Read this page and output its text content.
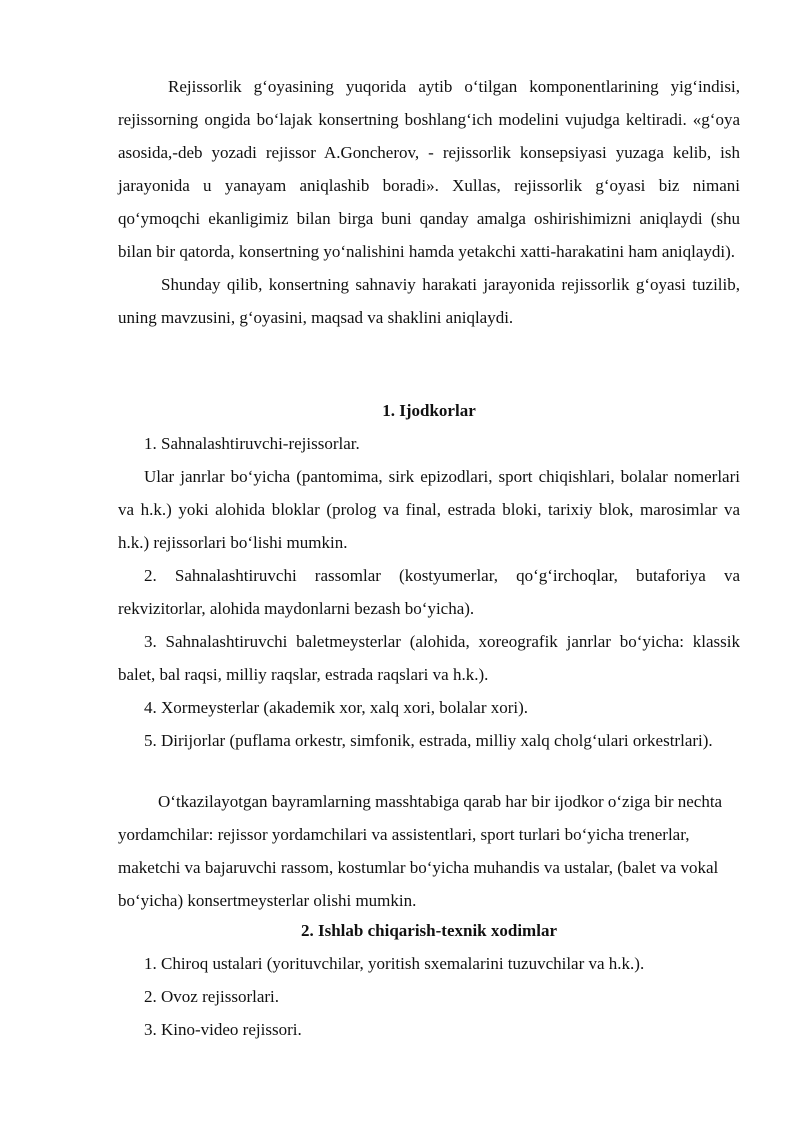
Rejissorlik g‘oyasining yuqorida aytib o‘tilgan komponentlarining yig‘indisi, rejissorning ongida bo‘lajak konsertning boshlang‘ich modelini vujudga keltiradi. «g‘oya asosida,-deb yozadi rejissor A.Goncherov, - rejissorlik konsepsiyasi yuzaga kelib, ish jarayonida u yanayam aniqlashib boradi». Xullas, rejissorlik g‘oyasi biz nimani qo‘ymoqchi ekanligimiz bilan birga buni qanday amalga oshirishimizni aniqlaydi (shu bilan bir qatorda, konsertning yo‘nalishini hamda yetakchi xatti-harakatini ham aniqlaydi).

Shunday qilib, konsertning sahnaviy harakati jarayonida rejissorlik g‘oyasi tuzilib, uning mavzusini, g‘oyasini, maqsad va shaklini aniqlaydi.

1. Ijodkorlar

1. Sahnalashtiruvchi-rejissorlar.

Ular janrlar bo‘yicha (pantomima, sirk epizodlari, sport chiqishlari, bolalar nomerlari va h.k.) yoki alohida bloklar (prolog va final, estrada bloki, tarixiy blok, marosimlar va h.k.) rejissorlari bo‘lishi mumkin.

2. Sahnalashtiruvchi rassomlar (kostyumerlar, qo‘g‘irchoqlar, butaforiya va rekvizitorlar, alohida maydonlarni bezash bo‘yicha).

3. Sahnalashtiruvchi baletmeysterlar (alohida, xoreografik janrlar bo‘yicha: klassik balet, bal raqsi, milliy raqslar, estrada raqslari va h.k.).

4. Xormeysterlar (akademik xor, xalq xori, bolalar xori).

5. Dirijorlar (puflama orkestr, simfonik, estrada, milliy xalq cholg‘ulari orkestrlari).

O‘tkazilayotgan bayramlarning masshtabiga qarab har bir ijodkor o‘ziga bir nechta yordamchilar: rejissor yordamchilari va assistentlari, sport turlari bo‘yicha trenerlar, maketchi va bajaruvchi rassom, kostumlar bo‘yicha muhandis va ustalar, (balet va vokal bo‘yicha) konsertmeysterlar olishi mumkin.

2. Ishlab chiqarish-texnik xodimlar

1. Chiroq ustalari (yorituvchilar, yoritish sxemalarini tuzuvchilar va h.k.).

2. Ovoz rejissorlari.

3. Kino-video rejissori.
